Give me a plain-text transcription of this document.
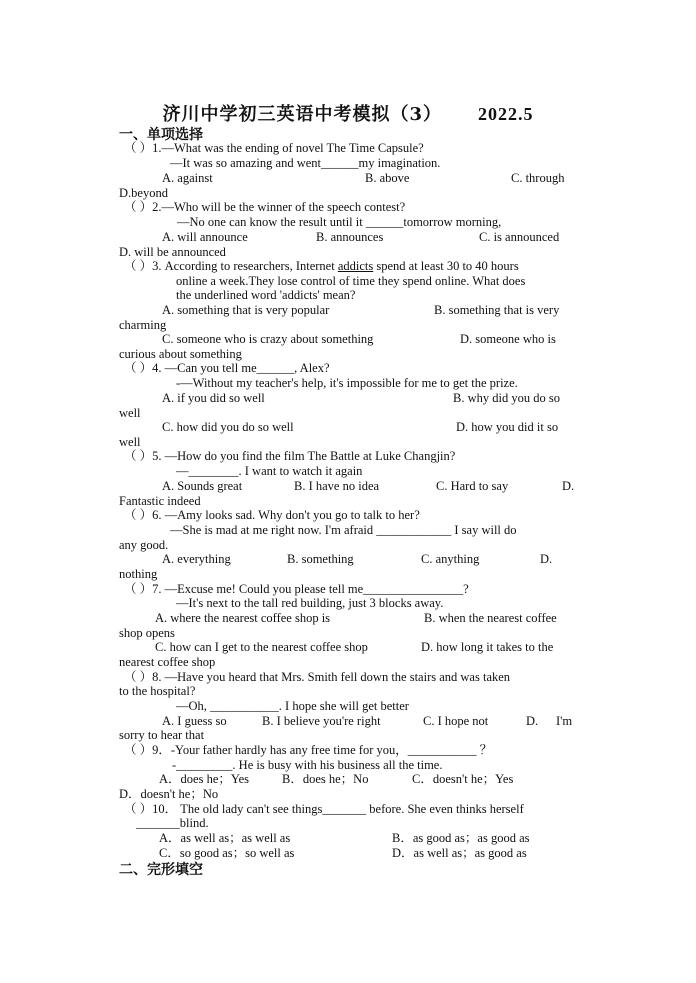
济川中学初三英语中考模拟（3） 2022.5
一、单项选择
（ ）1.—What was the ending of novel The Time Capsule?
—It was so amazing and went______my imagination.
A. against	B. above	C. through
D.beyond
（ ）2.—Who will be the winner of the speech contest?
—No one can know the result until it ______tomorrow morning,
A. will announce	B. announces	C. is announced
D. will be announced
（ ）3. According to researchers, Internet addicts spend at least 30 to 40 hours
online a week.They lose control of time they spend online. What does
the underlined word 'addicts' mean?
A. something that is very popular	B. something that is very
charming
C. someone who is crazy about something	D. someone who is
curious about something
（ ）4. —Can you tell me______, Alex?
-—Without my teacher's help, it's impossible for me to get the prize.
A. if you did so well	B. why did you do so
well
C. how did you do so well	D. how you did it so
well
（ ）5. —How do you find the film The Battle at Luke Changjin?
—________. I want to watch it again
A. Sounds great	B. I have no idea	C. Hard to say	D.
Fantastic indeed
（ ）6. —Amy looks sad. Why don't you go to talk to her?
—She is mad at me right now. I'm afraid ____________ I say will do
any good.
A. everything	B. something	C. anything	D.
nothing
（ ）7. —Excuse me! Could you please tell me________________?
—It's next to the tall red building, just 3 blocks away.
A. where the nearest coffee shop is	B. when the nearest coffee
shop opens
C. how can I get to the nearest coffee shop	D. how long it takes to the
nearest coffee shop
（ ）8. —Have you heard that Mrs. Smith fell down the stairs and was taken
to the hospital?
—Oh, ___________. I hope she will get better
A. I guess so	B. I believe you're right	C. I hope not	D. I'm
sorry to hear that
（ ）9．-Your father hardly has any free time for you，___________ ？
-_________. He is busy with his business all the time.
A．does he；Yes	B．does he；No	C．doesn't he；Yes
D．doesn't he；No
（ ）10． The old lady can't see things_______ before. She even thinks herself
_______blind.
A．as well as；as well as	B．as good as；as good as
C．so good as；so well as	D．as well as；as good as
二、完形填空
